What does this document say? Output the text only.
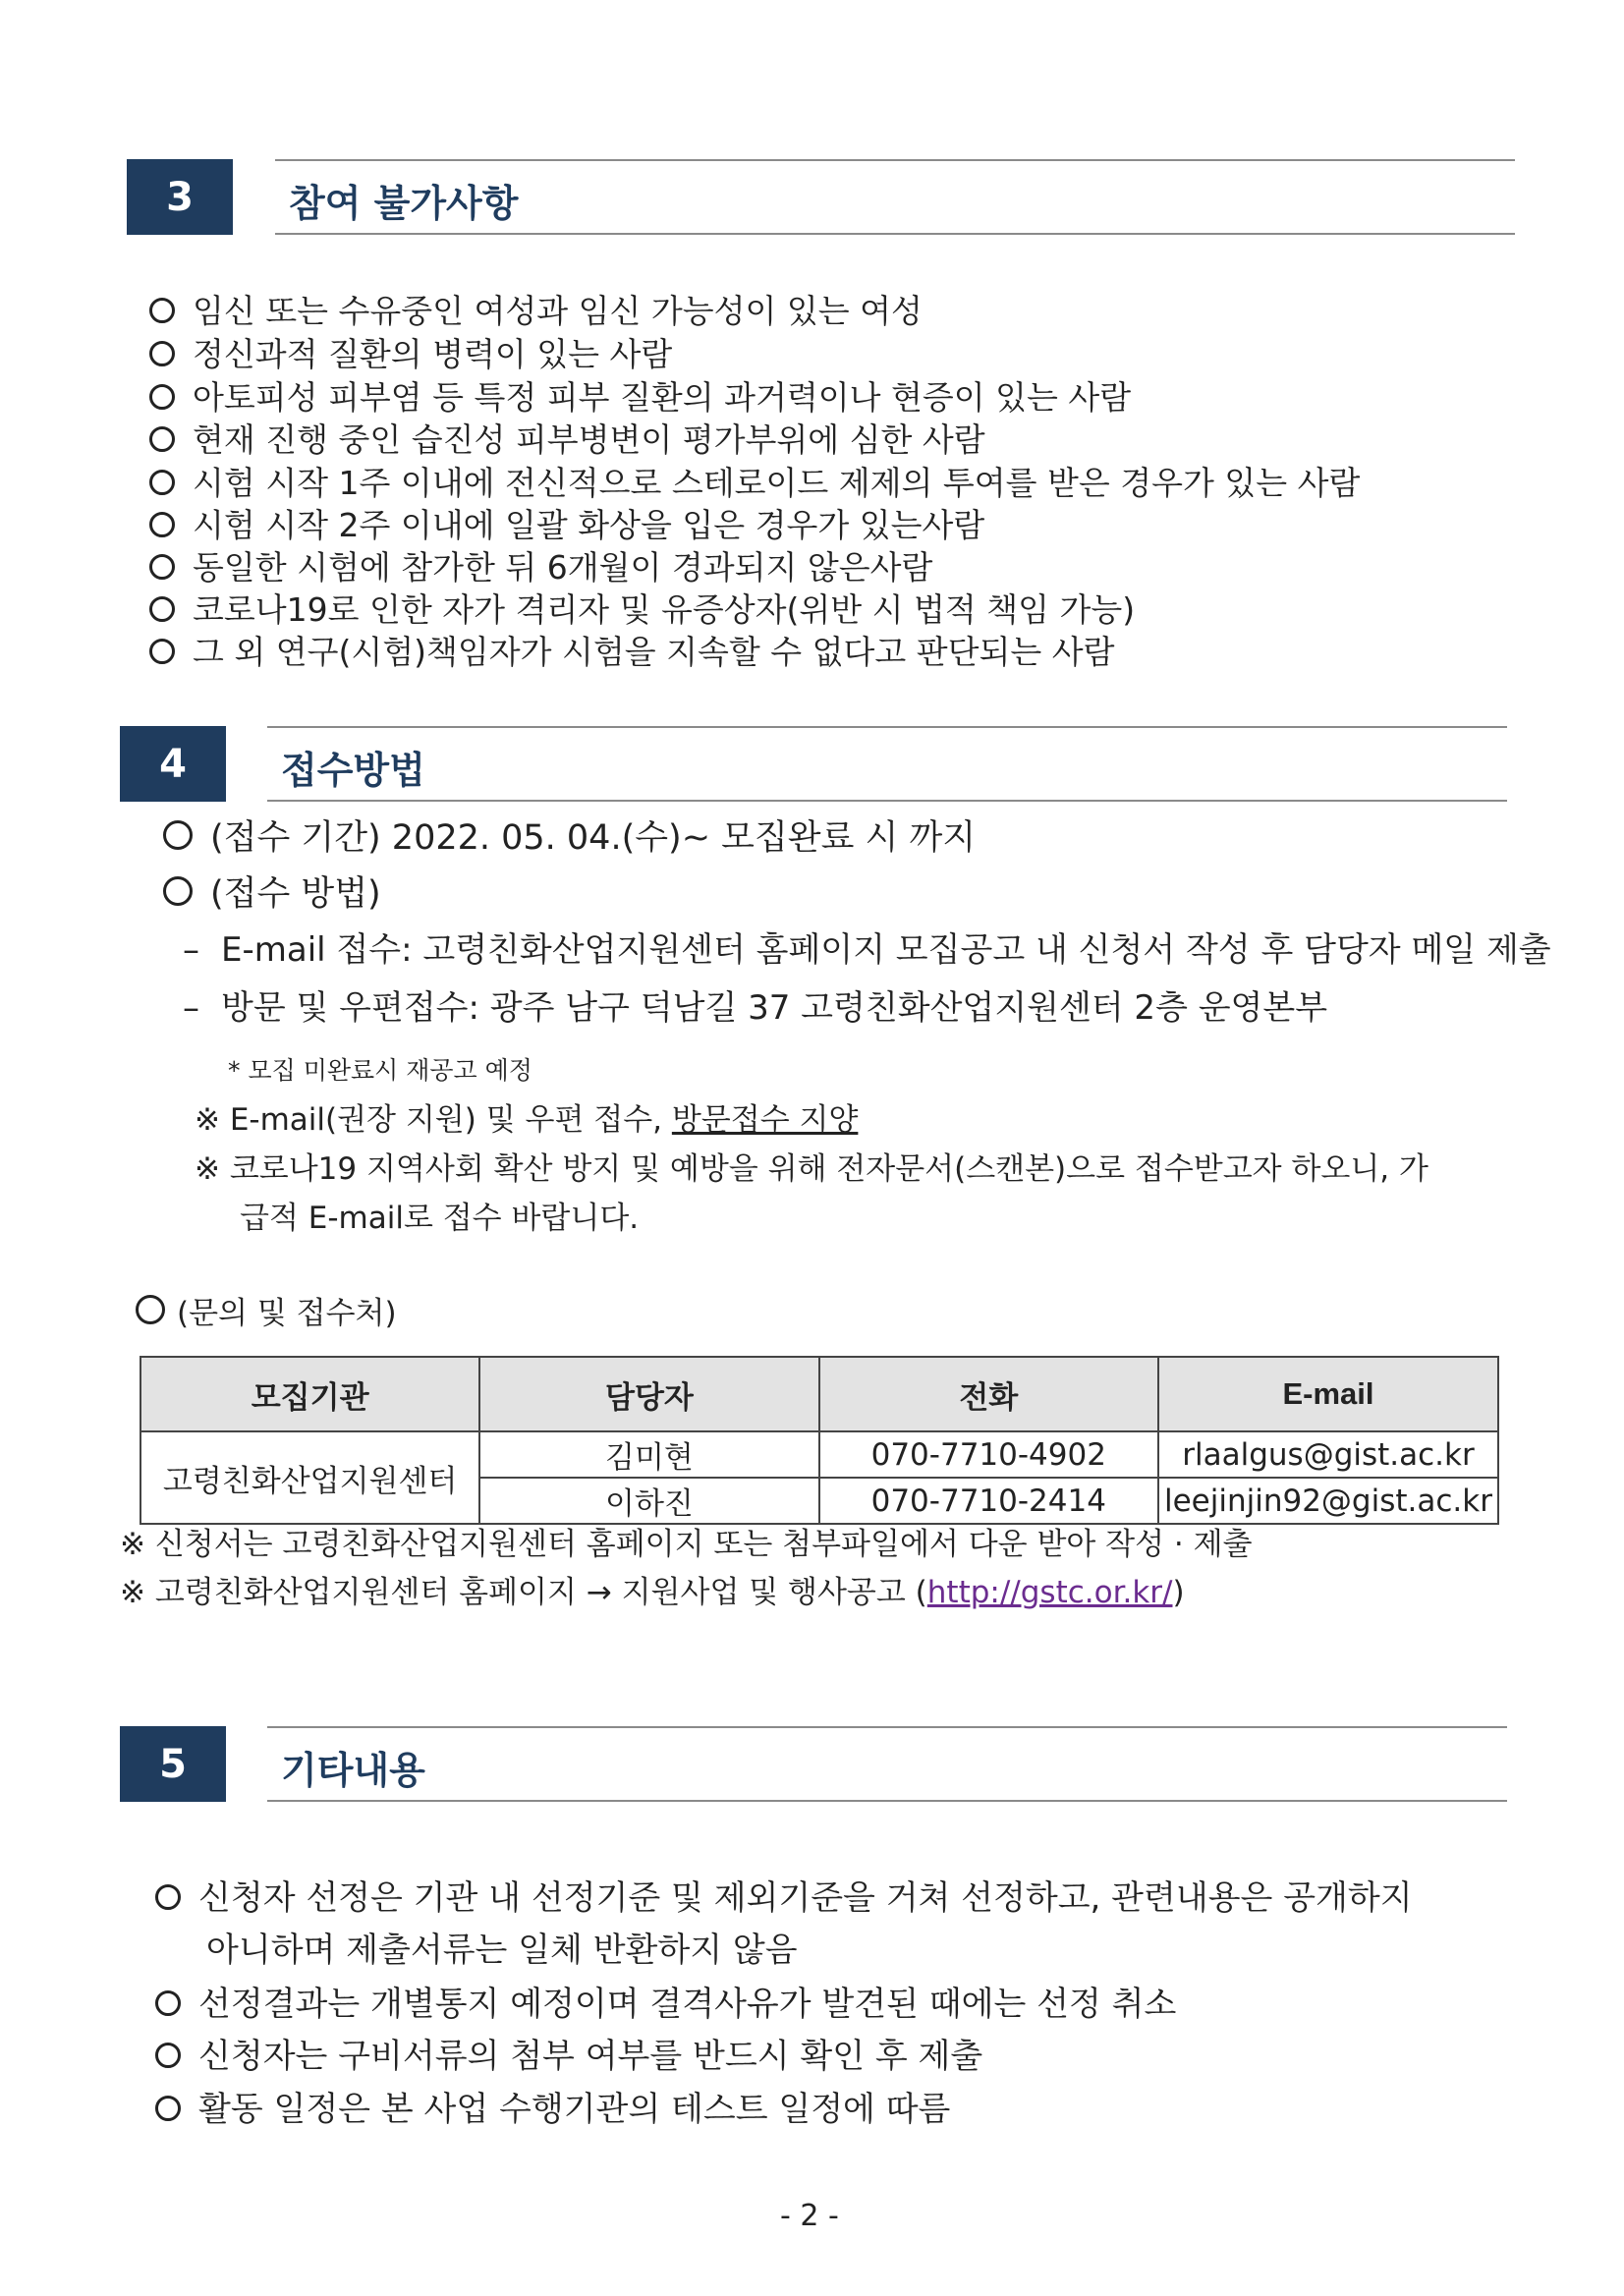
3	참여 불가사항
임신 또는 수유중인 여성과 임신 가능성이 있는 여성
정신과적 질환의 병력이 있는 사람
아토피성 피부염 등 특정 피부 질환의 과거력이나 현증이 있는 사람
현재 진행 중인 습진성 피부병변이 평가부위에 심한 사람
시험 시작 1주 이내에 전신적으로 스테로이드 제제의 투여를 받은 경우가 있는 사람
시험 시작 2주 이내에 일괄 화상을 입은 경우가 있는사람
동일한 시험에 참가한 뒤 6개월이 경과되지 않은사람
코로나19로 인한 자가 격리자 및 유증상자(위반 시 법적 책임 가능)
그 외 연구(시험)책임자가 시험을 지속할 수 없다고 판단되는 사람
4	접수방법
(접수 기간) 2022. 05. 04.(수)~ 모집완료 시 까지
(접수 방법)
– E-mail 접수: 고령친화산업지원센터 홈페이지 모집공고 내 신청서 작성 후 담당자 메일 제출
– 방문 및 우편접수: 광주 남구 덕남길 37 고령친화산업지원센터 2층 운영본부
* 모집 미완료시 재공고 예정
※ E-mail(권장 지원) 및 우편 접수, 방문접수 지양
※ 코로나19 지역사회 확산 방지 및 예방을 위해 전자문서(스캔본)으로 접수받고자 하오니, 가
급적 E-mail로 접수 바랍니다.
(문의 및 접수처)
모집기관	담당자	전화	E-mail
고령친화산업지원센터	김미현	070-7710-4902	rlaalgus@gist.ac.kr
	이하진	070-7710-2414	leejinjin92@gist.ac.kr
※ 신청서는 고령친화산업지원센터 홈페이지 또는 첨부파일에서 다운 받아 작성 · 제출
※ 고령친화산업지원센터 홈페이지 → 지원사업 및 행사공고 (http://gstc.or.kr/)
5	기타내용
신청자 선정은 기관 내 선정기준 및 제외기준을 거쳐 선정하고, 관련내용은 공개하지
아니하며 제출서류는 일체 반환하지 않음
선정결과는 개별통지 예정이며 결격사유가 발견된 때에는 선정 취소
신청자는 구비서류의 첨부 여부를 반드시 확인 후 제출
활동 일정은 본 사업 수행기관의 테스트 일정에 따름
- 2 -
